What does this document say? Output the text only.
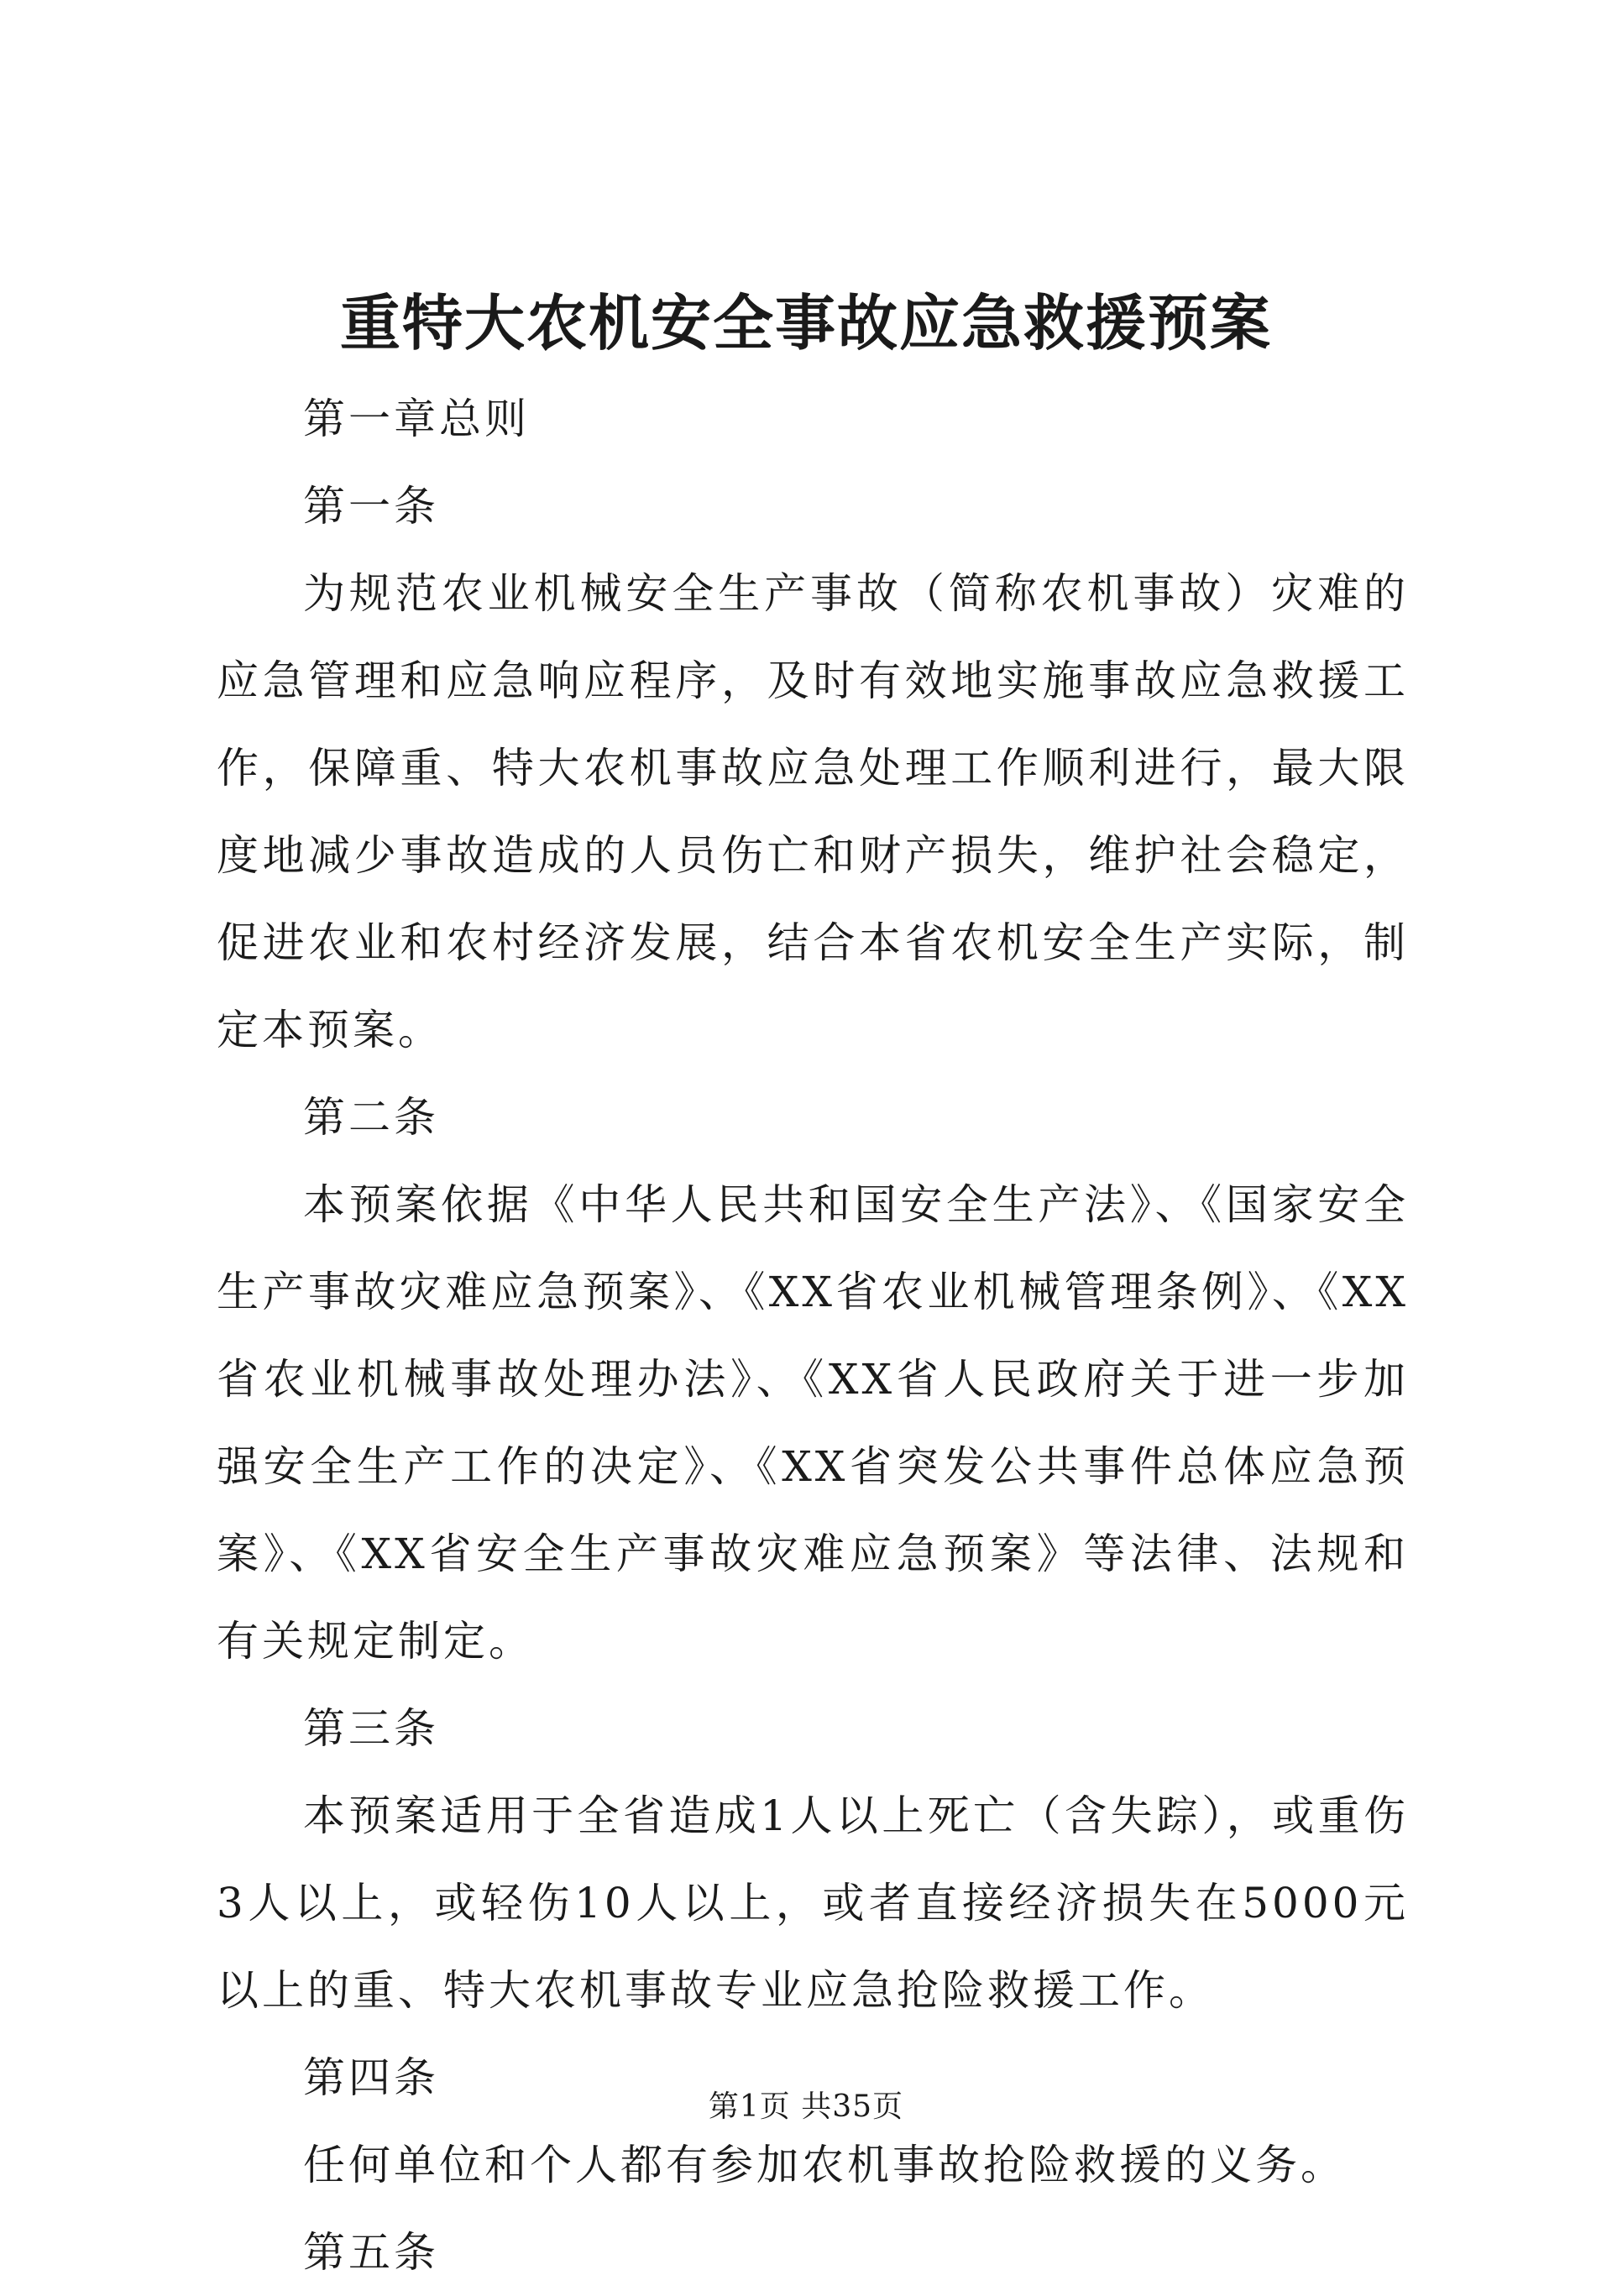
重特大农机安全事故应急救援预案

第一章总则

第一条

为规范农业机械安全生产事故（简称农机事故）灾难的应急管理和应急响应程序，及时有效地实施事故应急救援工作，保障重、特大农机事故应急处理工作顺利进行，最大限度地减少事故造成的人员伤亡和财产损失，维护社会稳定，促进农业和农村经济发展，结合本省农机安全生产实际，制定本预案。

第二条

本预案依据《中华人民共和国安全生产法》、《国家安全生产事故灾难应急预案》、《XX省农业机械管理条例》、《XX省农业机械事故处理办法》、《XX省人民政府关于进一步加强安全生产工作的决定》、《XX省突发公共事件总体应急预案》、《XX省安全生产事故灾难应急预案》等法律、法规和有关规定制定。

第三条

本预案适用于全省造成1人以上死亡（含失踪），或重伤3人以上，或轻伤10人以上，或者直接经济损失在5000元以上的重、特大农机事故专业应急抢险救援工作。

第四条

任何单位和个人都有参加农机事故抢险救援的义务。

第五条

第1页 共35页
